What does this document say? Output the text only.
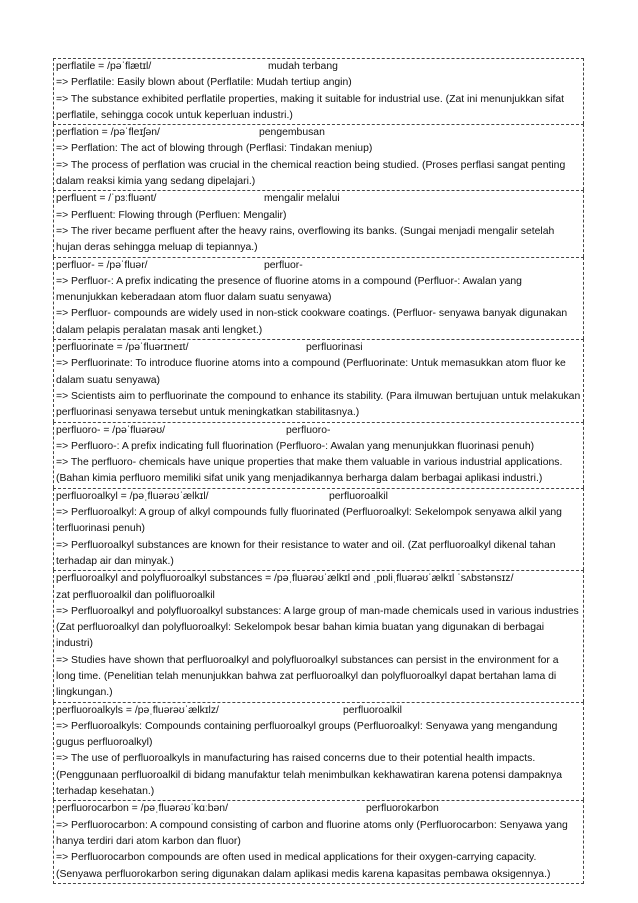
perflatile = /pəˈflætɪl/	mudah terbang

=> Perflatile: Easily blown about (Perflatile: Mudah tertiup angin)

=> The substance exhibited perflatile properties, making it suitable for industrial use. (Zat ini menunjukkan sifat perflatile, sehingga cocok untuk keperluan industri.)

perflation = /pəˈfleɪʃən/	pengembusan

=> Perflation: The act of blowing through (Perflasi: Tindakan meniup)

=> The process of perflation was crucial in the chemical reaction being studied. (Proses perflasi sangat penting dalam reaksi kimia yang sedang dipelajari.)

perfluent = /ˈpɜːfluənt/	mengalir melalui

=> Perfluent: Flowing through (Perfluen: Mengalir)

=> The river became perfluent after the heavy rains, overflowing its banks. (Sungai menjadi mengalir setelah hujan deras sehingga meluap di tepiannya.)

perfluor- = /pəˈfluər/	perfluor-

=> Perfluor-: A prefix indicating the presence of fluorine atoms in a compound (Perfluor-: Awalan yang menunjukkan keberadaan atom fluor dalam suatu senyawa)

=> Perfluor- compounds are widely used in non-stick cookware coatings. (Perfluor- senyawa banyak digunakan dalam pelapis peralatan masak anti lengket.)

perfluorinate = /pəˈfluərɪneɪt/	perfluorinasi

=> Perfluorinate: To introduce fluorine atoms into a compound (Perfluorinate: Untuk memasukkan atom fluor ke dalam suatu senyawa)

=> Scientists aim to perfluorinate the compound to enhance its stability. (Para ilmuwan bertujuan untuk melakukan perfluorinasi senyawa tersebut untuk meningkatkan stabilitasnya.)

perfluoro- = /pəˈfluərəʊ/	perfluoro-

=> Perfluoro-: A prefix indicating full fluorination (Perfluoro-: Awalan yang menunjukkan fluorinasi penuh)

=> The perfluoro- chemicals have unique properties that make them valuable in various industrial applications. (Bahan kimia perfluoro memiliki sifat unik yang menjadikannya berharga dalam berbagai aplikasi industri.)

perfluoroalkyl = /pəˌfluərəʊˈælkɪl/	perfluoroalkil

=> Perfluoroalkyl: A group of alkyl compounds fully fluorinated (Perfluoroalkyl: Sekelompok senyawa alkil yang terfluorinasi penuh)

=> Perfluoroalkyl substances are known for their resistance to water and oil. (Zat perfluoroalkyl dikenal tahan terhadap air dan minyak.)

perfluoroalkyl and polyfluoroalkyl substances = /pəˌfluərəʊˈælkɪl ənd ˌpɒliˌfluərəʊˈælkɪl ˈsʌbstənsɪz/

zat perfluoroalkil dan polifluoroalkil

=> Perfluoroalkyl and polyfluoroalkyl substances: A large group of man-made chemicals used in various industries (Zat perfluoroalkyl dan polyfluoroalkyl: Sekelompok besar bahan kimia buatan yang digunakan di berbagai industri)

=> Studies have shown that perfluoroalkyl and polyfluoroalkyl substances can persist in the environment for a long time. (Penelitian telah menunjukkan bahwa zat perfluoroalkyl dan polyfluoroalkyl dapat bertahan lama di lingkungan.)

perfluoroalkyls = /pəˌfluərəʊˈælkɪlz/	perfluoroalkil

=> Perfluoroalkyls: Compounds containing perfluoroalkyl groups (Perfluoroalkyl: Senyawa yang mengandung gugus perfluoroalkyl)

=> The use of perfluoroalkyls in manufacturing has raised concerns due to their potential health impacts. (Penggunaan perfluoroalkil di bidang manufaktur telah menimbulkan kekhawatiran karena potensi dampaknya terhadap kesehatan.)

perfluorocarbon = /pəˌfluərəʊˈkɑːbən/	perfluorokarbon

=> Perfluorocarbon: A compound consisting of carbon and fluorine atoms only (Perfluorocarbon: Senyawa yang hanya terdiri dari atom karbon dan fluor)

=> Perfluorocarbon compounds are often used in medical applications for their oxygen-carrying capacity. (Senyawa perfluorokarbon sering digunakan dalam aplikasi medis karena kapasitas pembawa oksigennya.)
